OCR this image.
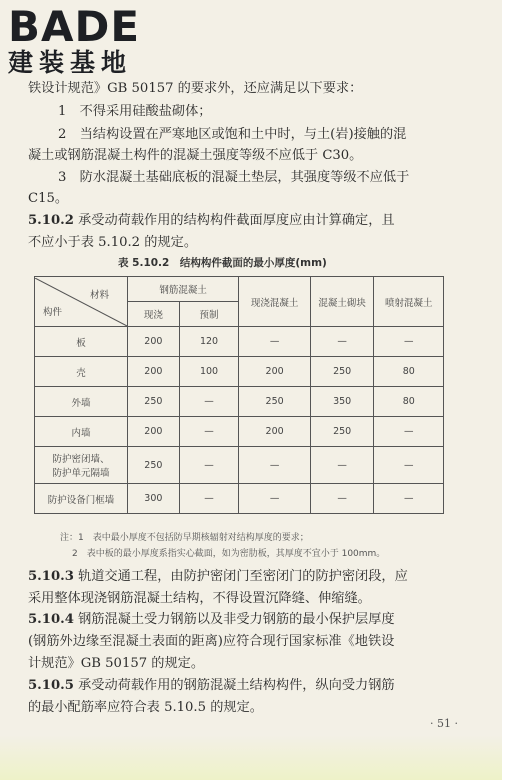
BADE
建装基地
铁设计规范》GB 50157 的要求外，还应满足以下要求：
1　不得采用硅酸盐砌体；
2　当结构设置在严寒地区或饱和土中时，与土(岩)接触的混
凝土或钢筋混凝土构件的混凝土强度等级不应低于 C30。
3　防水混凝土基础底板的混凝土垫层，其强度等级不应低于
C15。
5.10.2 承受动荷载作用的结构构件截面厚度应由计算确定，且
不应小于表 5.10.2 的规定。
表 5.10.2　结构构件截面的最小厚度(mm)
材料
构件	钢筋混凝土		现浇混凝土	混凝土砌块	喷射混凝土
	现浇	预制			
板	200	120	—	—	—
壳	200	100	200	250	80
外墙	250	—	250	350	80
内墙	200	—	200	250	—

防护密闭墙、
防护单元隔墙	250	—	—	—	—
防护设备门框墙	300	—	—	—	—
注：1　表中最小厚度不包括防早期核辐射对结构厚度的要求；
2　表中板的最小厚度系指实心截面，如为密肋板，其厚度不宜小于 100mm。
5.10.3 轨道交通工程，由防护密闭门至密闭门的防护密闭段，应
采用整体现浇钢筋混凝土结构，不得设置沉降缝、伸缩缝。
5.10.4 钢筋混凝土受力钢筋以及非受力钢筋的最小保护层厚度
(钢筋外边缘至混凝土表面的距离)应符合现行国家标准《地铁设
计规范》GB 50157 的规定。
5.10.5 承受动荷载作用的钢筋混凝土结构构件，纵向受力钢筋
的最小配筋率应符合表 5.10.5 的规定。
· 51 ·
